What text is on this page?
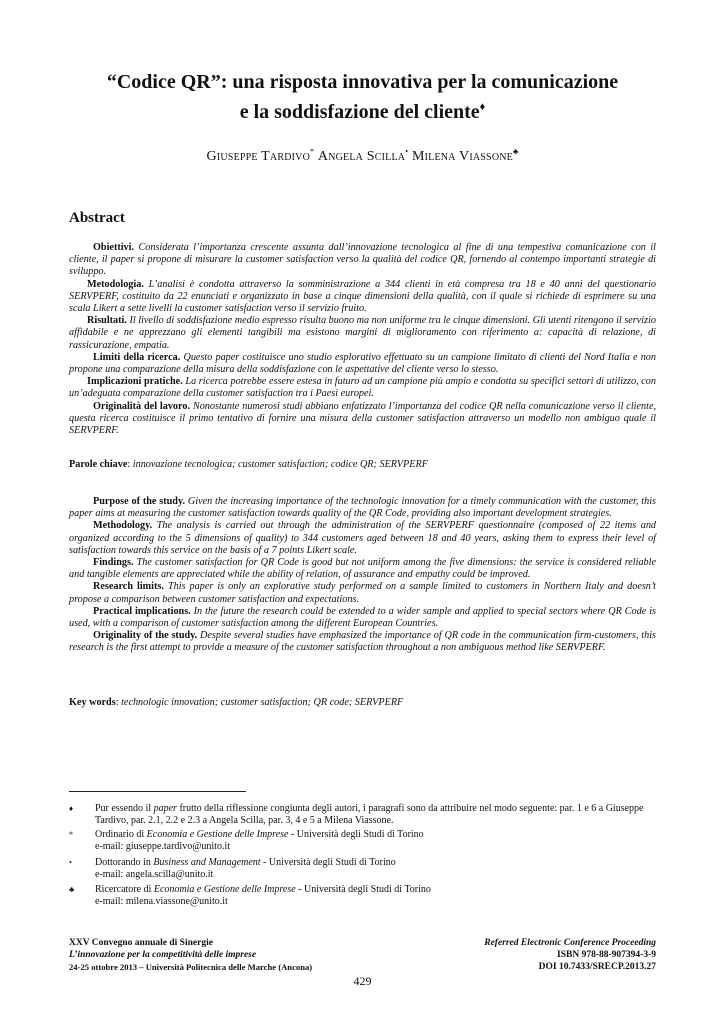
“Codice QR”: una risposta innovativa per la comunicazione
e la soddisfazione del cliente♦
Giuseppe Tardivo* Angela Scilla• Milena Viassone♣
Abstract

Obiettivi. Considerata l’importanza crescente assunta dall’innovazione tecnologica al fine di una tempestiva comunicazione con il cliente, il paper si propone di misurare la customer satisfaction verso la qualità del codice QR, fornendo al contempo importanti strategie di sviluppo.

Metodologia. L’analisi è condotta attraverso la somministrazione a 344 clienti in età compresa tra 18 e 40 anni del questionario SERVPERF, costituito da 22 enunciati e organizzato in base a cinque dimensioni della qualità, con il quale si richiede di esprimere su una scala Likert a sette livelli la customer satisfaction verso il servizio fruito.

Risultati. Il livello di soddisfazione medio espresso risulta buono ma non uniforme tra le cinque dimensioni. Gli utenti ritengono il servizio affidabile e ne apprezzano gli elementi tangibili ma esistono margini di miglioramento con riferimento a: capacità di relazione, di rassicurazione, empatia.

Limiti della ricerca. Questo paper costituisce uno studio esplorativo effettuato su un campione limitato di clienti del Nord Italia e non propone una comparazione della misura della soddisfazione con le aspettative del cliente verso lo stesso.

Implicazioni pratiche. La ricerca potrebbe essere estesa in futuro ad un campione più ampio e condotta su specifici settori di utilizzo, con un’adeguata comparazione della customer satisfaction tra i Paesi europei.

Originalità del lavoro. Nonostante numerosi studi abbiano enfatizzato l’importanza del codice QR nella comunicazione verso il cliente, questa ricerca costituisce il primo tentativo di fornire una misura della customer satisfaction attraverso un modello non ambiguo quale il SERVPERF.

Parole chiave: innovazione tecnologica; customer satisfaction; codice QR; SERVPERF

Purpose of the study. Given the increasing importance of the technologic innovation for a timely communication with the customer, this paper aims at measuring the customer satisfaction towards quality of the QR Code, providing also important development strategies.

Methodology. The analysis is carried out through the administration of the SERVPERF questionnaire (composed of 22 items and organized according to the 5 dimensions of quality) to 344 customers aged between 18 and 40 years, asking them to express their level of satisfaction towards this service on the basis of a 7 points Likert scale.

Findings. The customer satisfaction for QR Code is good but not uniform among the five dimensions: the service is considered reliable and tangible elements are appreciated while the ability of relation, of assurance and empathy could be improved.

Research limits. This paper is only an explorative study performed on a sample limited to customers in Northern Italy and doesn’t propose a comparison between customer satisfaction and expectations.

Practical implications. In the future the research could be extended to a wider sample and applied to special sectors where QR Code is used, with a comparison of customer satisfaction among the different European Countries.

Originality of the study. Despite several studies have emphasized the importance of QR code in the communication firm-customers, this research is the first attempt to provide a measure of the customer satisfaction throughout a non ambiguous method like SERVPERF.

Key words: technologic innovation; customer satisfaction; QR code; SERVPERF
♦ Pur essendo il paper frutto della riflessione congiunta degli autori, i paragrafi sono da attribuire nel modo seguente: par. 1 e 6 a Giuseppe Tardivo, par. 2.1, 2.2 e 2.3 a Angela Scilla, par. 3, 4 e 5 a Milena Viassone.
* Ordinario di Economia e Gestione delle Imprese - Università degli Studi di Torino
e-mail: giuseppe.tardivo@unito.it
• Dottorando in Business and Management - Università degli Studi di Torino
e-mail: angela.scilla@unito.it
♣ Ricercatore di Economia e Gestione delle Imprese - Università degli Studi di Torino
e-mail: milena.viassone@unito.it
XXV Convegno annuale di Sinergie
L’innovazione per la competitività delle imprese
24-25 ottobre 2013 – Università Politecnica delle Marche (Ancona)
Referred Electronic Conference Proceeding
ISBN 978-88-907394-3-9
DOI 10.7433/SRECP.2013.27
429
